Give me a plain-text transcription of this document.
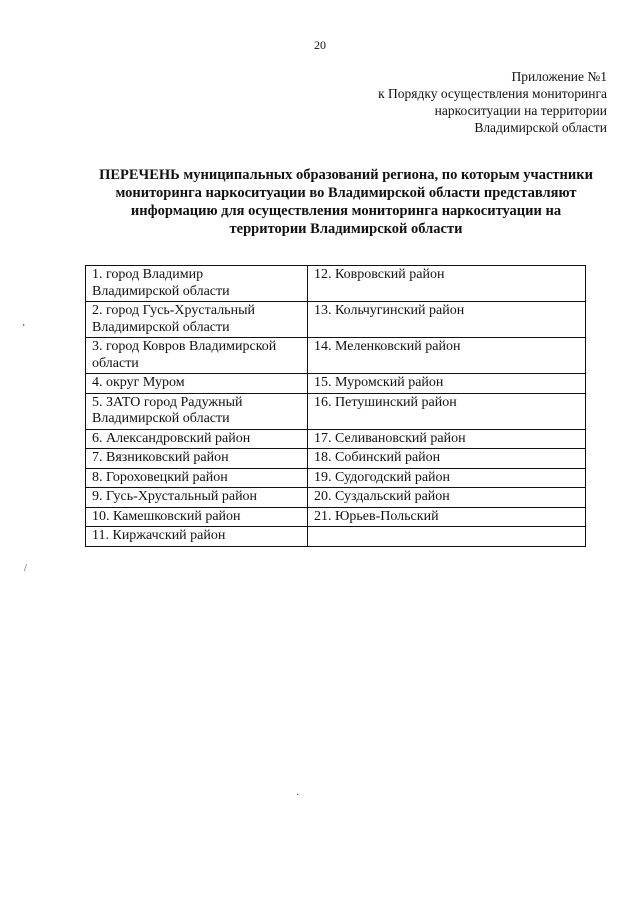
20
Приложение №1
к Порядку осуществления мониторинга
наркоситуации на территории
Владимирской области
ПЕРЕЧЕНЬ муниципальных образований региона, по которым участники
мониторинга наркоситуации во Владимирской области представляют
информацию для осуществления мониторинга наркоситуации на
территории Владимирской области
1. город Владимир
Владимирской области	12. Ковровский район
2. город Гусь-Хрустальный
Владимирской области	13. Кольчугинский район
3. город Ковров Владимирской
области	14. Меленковский район
4. округ Муром	15. Муромский район
5. ЗАТО город Радужный
Владимирской области	16. Петушинский район
6. Александровский район	17. Селивановский район
7. Вязниковский район	18. Собинский район
8. Гороховецкий район	19. Судогодский район
9. Гусь-Хрустальный район	20. Суздальский район
10. Камешковский район	21. Юрьев-Польский
11. Киржачский район	
ʼ
/
·
